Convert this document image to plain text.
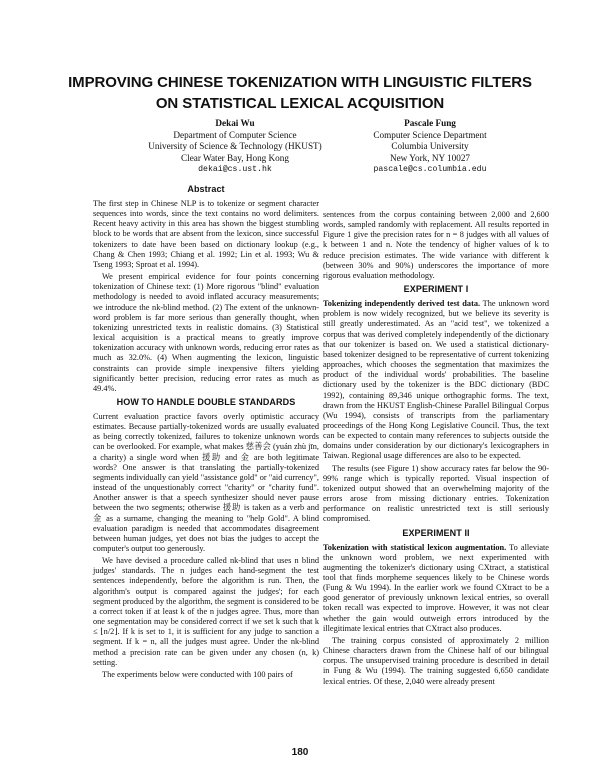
IMPROVING CHINESE TOKENIZATION WITH LINGUISTIC FILTERS ON STATISTICAL LEXICAL ACQUISITION
Dekai Wu
Department of Computer Science
University of Science & Technology (HKUST)
Clear Water Bay, Hong Kong
dekai@cs.ust.hk
Pascale Fung
Computer Science Department
Columbia University
New York, NY 10027
pascale@cs.columbia.edu
Abstract

The first step in Chinese NLP is to tokenize or segment character sequences into words, since the text contains no word delimiters. Recent heavy activity in this area has shown the biggest stumbling block to be words that are absent from the lexicon, since successful tokenizers to date have been based on dictionary lookup (e.g., Chang & Chen 1993; Chiang et al. 1992; Lin et al. 1993; Wu & Tseng 1993; Sproat et al. 1994).

We present empirical evidence for four points concerning tokenization of Chinese text: (1) More rigorous "blind" evaluation methodology is needed to avoid inflated accuracy measurements; we introduce the nk-blind method. (2) The extent of the unknown-word problem is far more serious than generally thought, when tokenizing unrestricted texts in realistic domains. (3) Statistical lexical acquisition is a practical means to greatly improve tokenization accuracy with unknown words, reducing error rates as much as 32.0%. (4) When augmenting the lexicon, linguistic constraints can provide simple inexpensive filters yielding significantly better precision, reducing error rates as much as 49.4%.

HOW TO HANDLE DOUBLE STANDARDS

Current evaluation practice favors overly optimistic accuracy estimates. Because partially-tokenized words are usually evaluated as being correctly tokenized, failures to tokenize unknown words can be overlooked. For example, what makes 慈善会 (yuán zhù jīn, a charity) a single word when 援助 and 金 are both legitimate words? One answer is that translating the partially-tokenized segments individually can yield "assistance gold" or "aid currency", instead of the unquestionably correct "charity" or "charity fund". Another answer is that a speech synthesizer should never pause between the two segments; otherwise 援助 is taken as a verb and 金 as a surname, changing the meaning to "help Gold". A blind evaluation paradigm is needed that accommodates disagreement between human judges, yet does not bias the judges to accept the computer's output too generously.

We have devised a procedure called nk-blind that uses n blind judges' standards. The n judges each hand-segment the test sentences independently, before the algorithm is run. Then, the algorithm's output is compared against the judges'; for each segment produced by the algorithm, the segment is considered to be a correct token if at least k of the n judges agree. Thus, more than one segmentation may be considered correct if we set k such that k ≤ ⌊n/2⌋. If k is set to 1, it is sufficient for any judge to sanction a segment. If k = n, all the judges must agree. Under the nk-blind method a precision rate can be given under any chosen (n, k) setting.

The experiments below were conducted with 100 pairs of

sentences from the corpus containing between 2,000 and 2,600 words, sampled randomly with replacement. All results reported in Figure 1 give the precision rates for n = 8 judges with all values of k between 1 and n. Note the tendency of higher values of k to reduce precision estimates. The wide variance with different k (between 30% and 90%) underscores the importance of more rigorous evaluation methodology.

EXPERIMENT I

Tokenizing independently derived test data. The unknown word problem is now widely recognized, but we believe its severity is still greatly underestimated. As an "acid test", we tokenized a corpus that was derived completely independently of the dictionary that our tokenizer is based on. We used a statistical dictionary-based tokenizer designed to be representative of current tokenizing approaches, which chooses the segmentation that maximizes the product of the individual words' probabilities. The baseline dictionary used by the tokenizer is the BDC dictionary (BDC 1992), containing 89,346 unique orthographic forms. The text, drawn from the HKUST English-Chinese Parallel Bilingual Corpus (Wu 1994), consists of transcripts from the parliamentary proceedings of the Hong Kong Legislative Council. Thus, the text can be expected to contain many references to subjects outside the domains under consideration by our dictionary's lexicographers in Taiwan. Regional usage differences are also to be expected.

The results (see Figure 1) show accuracy rates far below the 90-99% range which is typically reported. Visual inspection of tokenized output showed that an overwhelming majority of the errors arose from missing dictionary entries. Tokenization performance on realistic unrestricted text is still seriously compromised.

EXPERIMENT II

Tokenization with statistical lexicon augmentation. To alleviate the unknown word problem, we next experimented with augmenting the tokenizer's dictionary using CXtract, a statistical tool that finds morpheme sequences likely to be Chinese words (Fung & Wu 1994). In the earlier work we found CXtract to be a good generator of previously unknown lexical entries, so overall token recall was expected to improve. However, it was not clear whether the gain would outweigh errors introduced by the illegitimate lexical entries that CXtract also produces.

The training corpus consisted of approximately 2 million Chinese characters drawn from the Chinese half of our bilingual corpus. The unsupervised training procedure is described in detail in Fung & Wu (1994). The training suggested 6,650 candidate lexical entries. Of these, 2,040 were already present

180
